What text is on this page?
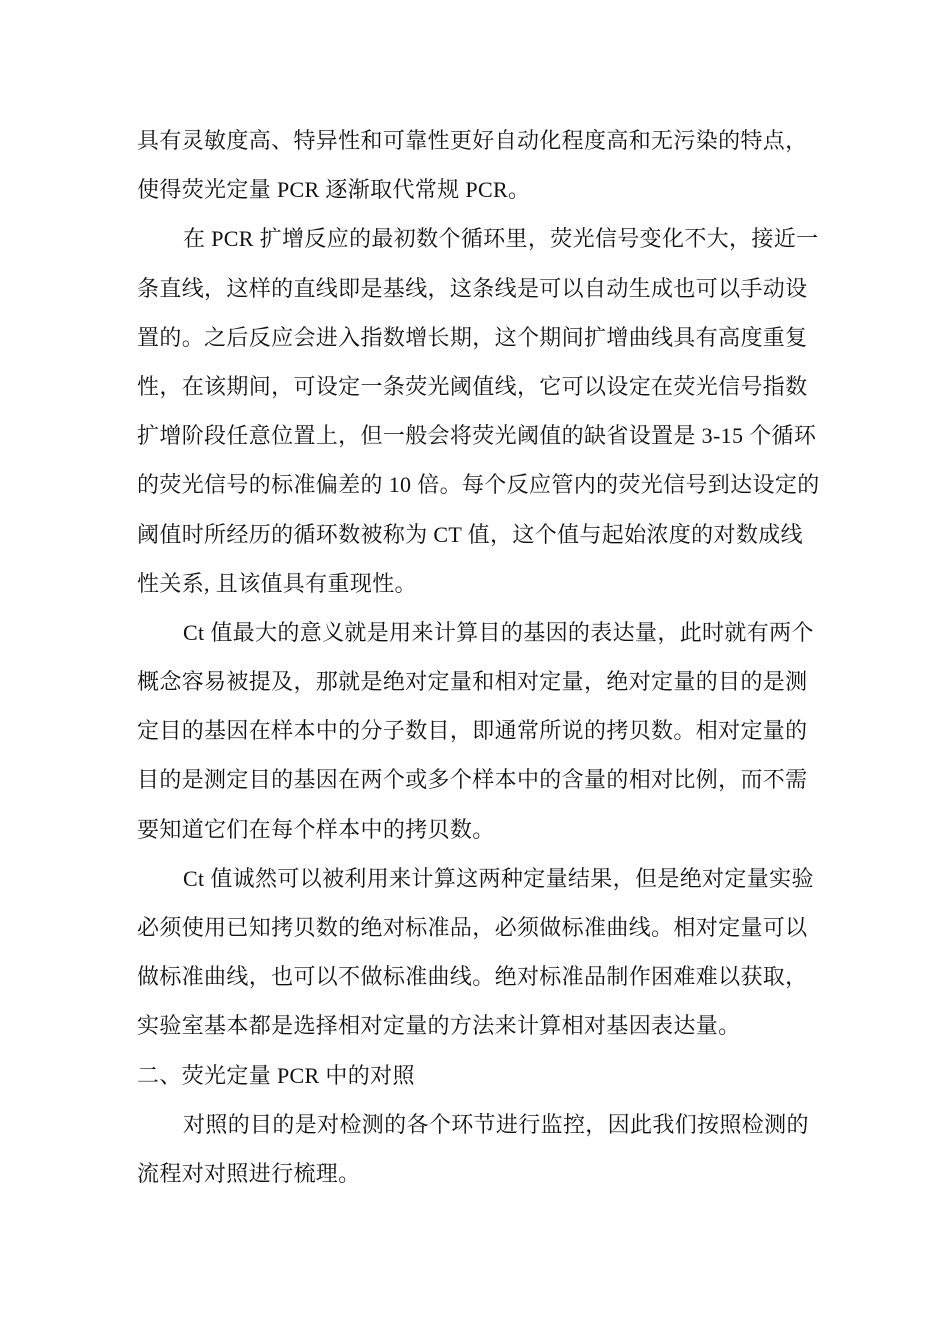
具有灵敏度高、特异性和可靠性更好自动化程度高和无污染的特点，
使得荧光定量 PCR 逐渐取代常规 PCR。
在 PCR 扩增反应的最初数个循环里，荧光信号变化不大，接近一
条直线，这样的直线即是基线，这条线是可以自动生成也可以手动设
置的。之后反应会进入指数增长期，这个期间扩增曲线具有高度重复
性，在该期间，可设定一条荧光阈值线，它可以设定在荧光信号指数
扩增阶段任意位置上，但一般会将荧光阈值的缺省设置是 3-15 个循环
的荧光信号的标准偏差的 10 倍。每个反应管内的荧光信号到达设定的
阈值时所经历的循环数被称为 CT 值，这个值与起始浓度的对数成线
性关系, 且该值具有重现性。
Ct 值最大的意义就是用来计算目的基因的表达量，此时就有两个
概念容易被提及，那就是绝对定量和相对定量，绝对定量的目的是测
定目的基因在样本中的分子数目，即通常所说的拷贝数。相对定量的
目的是测定目的基因在两个或多个样本中的含量的相对比例，而不需
要知道它们在每个样本中的拷贝数。
Ct 值诚然可以被利用来计算这两种定量结果，但是绝对定量实验
必须使用已知拷贝数的绝对标准品，必须做标准曲线。相对定量可以
做标准曲线，也可以不做标准曲线。绝对标准品制作困难难以获取，
实验室基本都是选择相对定量的方法来计算相对基因表达量。
二、荧光定量 PCR 中的对照
对照的目的是对检测的各个环节进行监控，因此我们按照检测的
流程对对照进行梳理。
